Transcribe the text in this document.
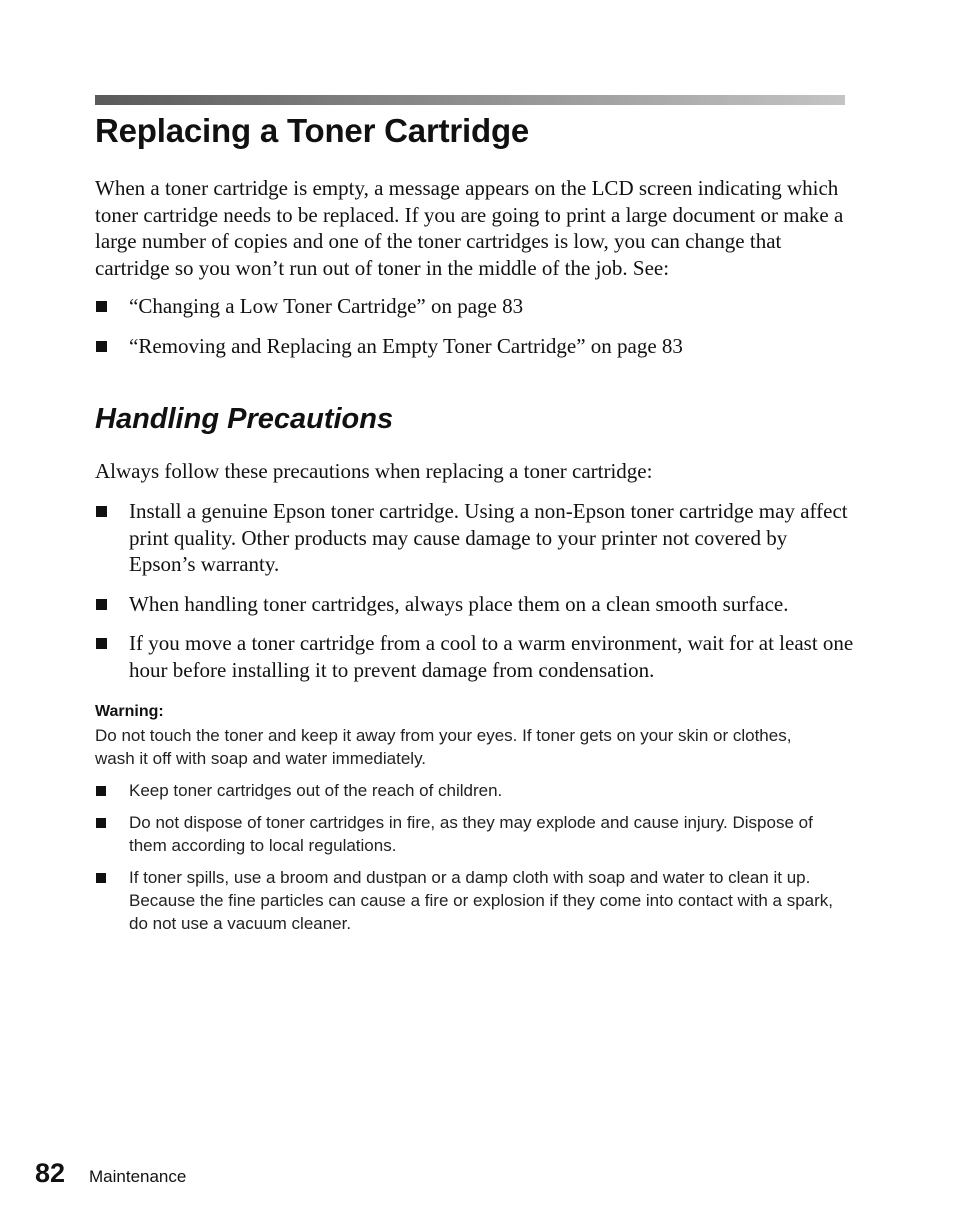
Replacing a Toner Cartridge

When a toner cartridge is empty, a message appears on the LCD screen indicating which toner cartridge needs to be replaced. If you are going to print a large document or make a large number of copies and one of the toner cartridges is low, you can change that cartridge so you won’t run out of toner in the middle of the job. See:

“Changing a Low Toner Cartridge” on page 83
“Removing and Replacing an Empty Toner Cartridge” on page 83
Handling Precautions

Always follow these precautions when replacing a toner cartridge:

Install a genuine Epson toner cartridge. Using a non-Epson toner cartridge may affect print quality. Other products may cause damage to your printer not covered by Epson’s warranty.
When handling toner cartridges, always place them on a clean smooth surface.
If you move a toner cartridge from a cool to a warm environment, wait for at least one hour before installing it to prevent damage from condensation.
Warning:

Do not touch the toner and keep it away from your eyes. If toner gets on your skin or clothes, wash it off with soap and water immediately.

Keep toner cartridges out of the reach of children.
Do not dispose of toner cartridges in fire, as they may explode and cause injury. Dispose of them according to local regulations.
If toner spills, use a broom and dustpan or a damp cloth with soap and water to clean it up. Because the fine particles can cause a fire or explosion if they come into contact with a spark, do not use a vacuum cleaner.
82 Maintenance
